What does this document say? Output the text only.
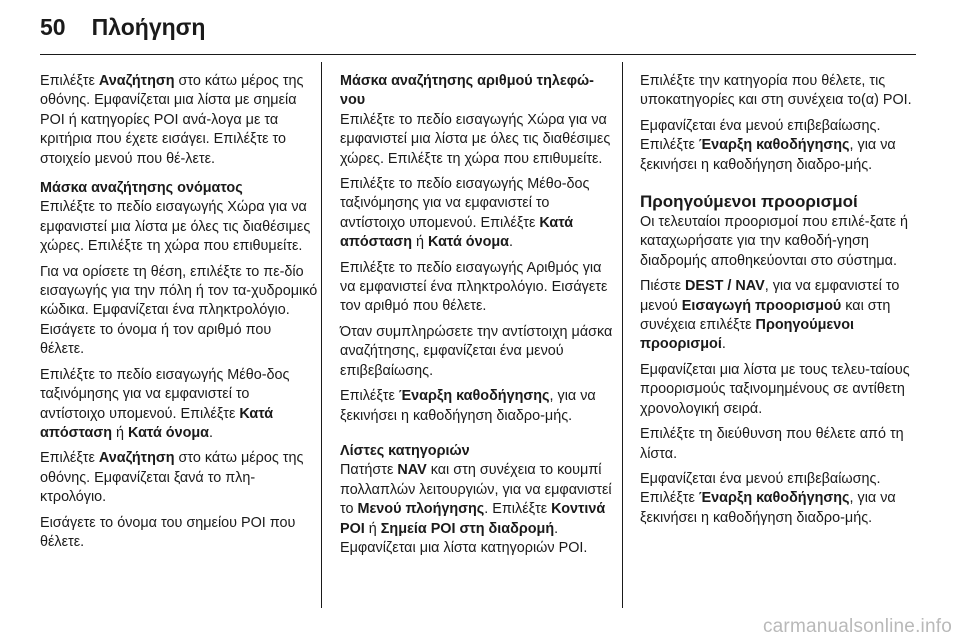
50 Πλοήγηση

Επιλέξτε Αναζήτηση στο κάτω μέρος της οθόνης. Εμφανίζεται μια λίστα με σημεία POI ή κατηγορίες POI ανά-λογα με τα κριτήρια που έχετε εισάγει. Επιλέξτε το στοιχείο μενού που θέ-λετε.

Μάσκα αναζήτησης ονόματος

Επιλέξτε το πεδίο εισαγωγής Χώρα για να εμφανιστεί μια λίστα με όλες τις διαθέσιμες χώρες. Επιλέξτε τη χώρα που επιθυμείτε.

Για να ορίσετε τη θέση, επιλέξτε το πε-δίο εισαγωγής για την πόλη ή τον τα-χυδρομικό κώδικα. Εμφανίζεται ένα πληκτρολόγιο. Εισάγετε το όνομα ή τον αριθμό που θέλετε.

Επιλέξτε το πεδίο εισαγωγής Μέθο-δος ταξινόμησης για να εμφανιστεί το αντίστοιχο υπομενού. Επιλέξτε Κατά απόσταση ή Κατά όνομα.

Επιλέξτε Αναζήτηση στο κάτω μέρος της οθόνης. Εμφανίζεται ξανά το πλη-κτρολόγιο.

Εισάγετε το όνομα του σημείου POI που θέλετε.

Μάσκα αναζήτησης αριθμού τηλεφώ-νου

Επιλέξτε το πεδίο εισαγωγής Χώρα για να εμφανιστεί μια λίστα με όλες τις διαθέσιμες χώρες. Επιλέξτε τη χώρα που επιθυμείτε.

Επιλέξτε το πεδίο εισαγωγής Μέθο-δος ταξινόμησης για να εμφανιστεί το αντίστοιχο υπομενού. Επιλέξτε Κατά απόσταση ή Κατά όνομα.

Επιλέξτε το πεδίο εισαγωγής Αριθμός για να εμφανιστεί ένα πληκτρολόγιο. Εισάγετε τον αριθμό που θέλετε.

Όταν συμπληρώσετε την αντίστοιχη μάσκα αναζήτησης, εμφανίζεται ένα μενού επιβεβαίωσης.

Επιλέξτε Έναρξη καθοδήγησης, για να ξεκινήσει η καθοδήγηση διαδρο-μής.

Λίστες κατηγοριών

Πατήστε NAV και στη συνέχεια το κουμπί πολλαπλών λειτουργιών, για να εμφανιστεί το Μενού πλοήγησης. Επιλέξτε Κοντινά POI ή Σημεία POI στη διαδρομή. Εμφανίζεται μια λίστα κατηγοριών POI.

Επιλέξτε την κατηγορία που θέλετε, τις υποκατηγορίες και στη συνέχεια το(α) POI.

Εμφανίζεται ένα μενού επιβεβαίωσης. Επιλέξτε Έναρξη καθοδήγησης, για να ξεκινήσει η καθοδήγηση διαδρο-μής.

Προηγούμενοι προορισμοί

Οι τελευταίοι προορισμοί που επιλέ-ξατε ή καταχωρήσατε για την καθοδή-γηση διαδρομής αποθηκεύονται στο σύστημα.

Πιέστε DEST / NAV, για να εμφανιστεί το μενού Εισαγωγή προορισμού και στη συνέχεια επιλέξτε Προηγούμενοι προορισμοί.

Εμφανίζεται μια λίστα με τους τελευ-ταίους προορισμούς ταξινομημένους σε αντίθετη χρονολογική σειρά.

Επιλέξτε τη διεύθυνση που θέλετε από τη λίστα.

Εμφανίζεται ένα μενού επιβεβαίωσης. Επιλέξτε Έναρξη καθοδήγησης, για να ξεκινήσει η καθοδήγηση διαδρο-μής.

carmanualsonline.info
